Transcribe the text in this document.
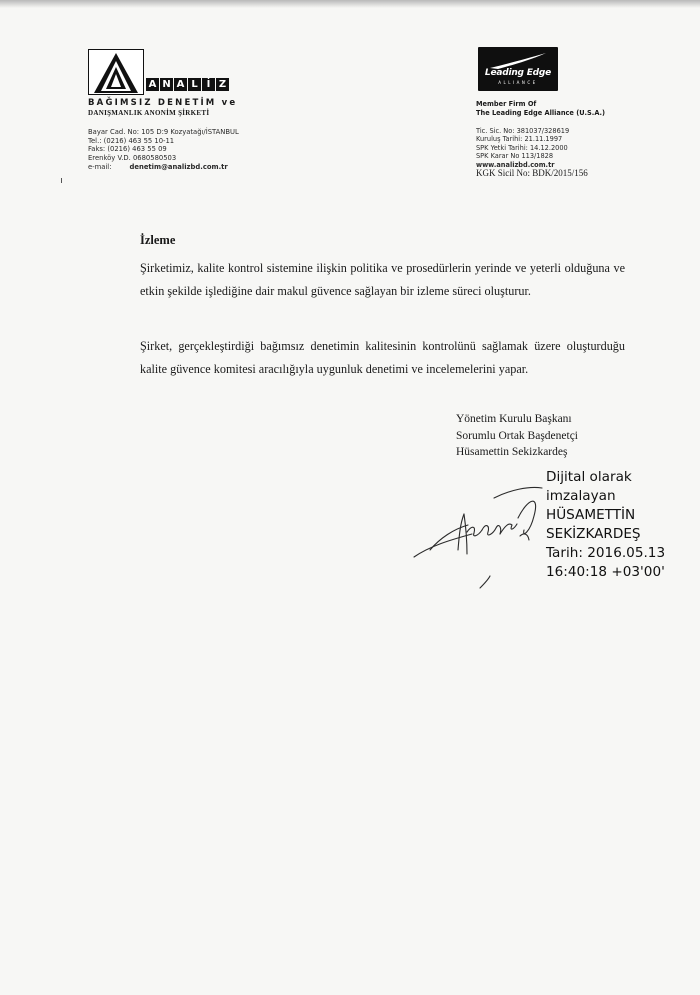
A N A L İ Z
BAĞIMSIZ DENETİM ve
DANIŞMANLIK ANONİM ŞİRKETİ
Bayar Cad. No: 105 D:9 Kozyatağı/İSTANBUL
Tel.: (0216) 463 55 10-11
Faks: (0216) 463 55 09
Erenköy V.D. 0680580503
e-mail:	denetim@analizbd.com.tr
Leading Edge
ALLIANCE
Member Firm Of
The Leading Edge Alliance (U.S.A.)
Tic. Sic. No: 381037/328619
Kuruluş Tarihi: 21.11.1997
SPK Yetki Tarihi: 14.12.2000
SPK Karar No 113/1828
www.analizbd.com.tr
KGK Sicil No: BDK/2015/156
İzleme
Şirketimiz, kalite kontrol sistemine ilişkin politika ve prosedürlerin yerinde ve yeterli olduğuna ve etkin şekilde işlediğine dair makul güvence sağlayan bir izleme süreci oluşturur.
Şirket, gerçekleştirdiği bağımsız denetimin kalitesinin kontrolünü sağlamak üzere oluşturduğu kalite güvence komitesi aracılığıyla uygunluk denetimi ve incelemelerini yapar.
Yönetim Kurulu Başkanı
Sorumlu Ortak Başdenetçi
Hüsamettin Sekizkardeş
Dijital olarak
imzalayan
HÜSAMETTİN
SEKİZKARDEŞ
Tarih: 2016.05.13
16:40:18 +03'00'
